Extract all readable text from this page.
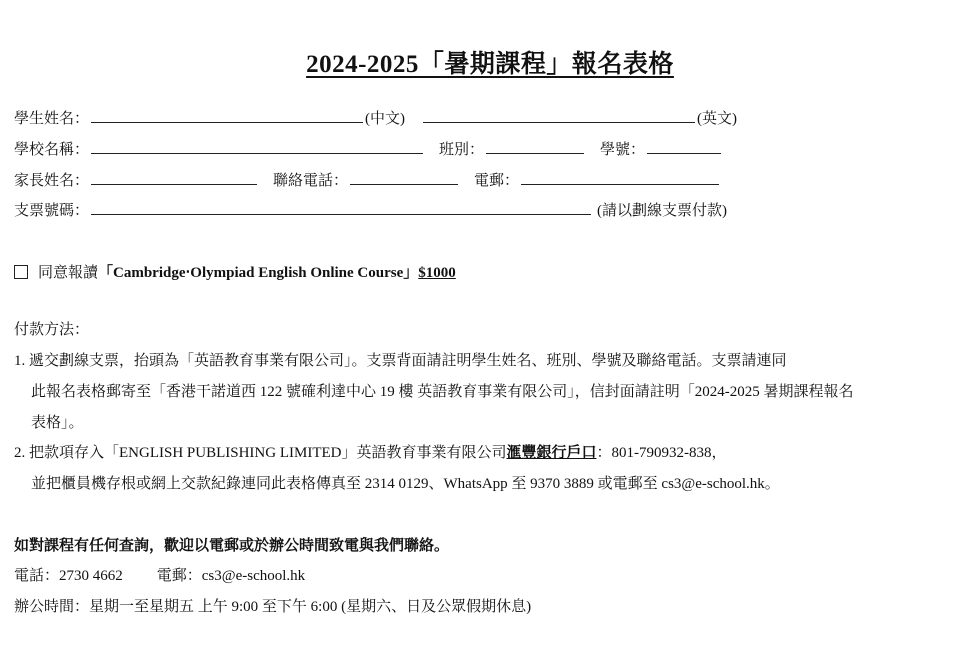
2024-2025「暑期課程」報名表格
學生姓名：	(中文)	(英文)
學校名稱：	班別：	學號：
家長姓名：	聯絡電話：	電郵：
支票號碼：	(請以劃線支票付款)
同意報讀「Cambridge‧Olympiad English Online Course」$1000
付款方法：
1. 遞交劃線支票，抬頭為「英語教育事業有限公司」。支票背面請註明學生姓名、班別、學號及聯絡電話。支票請連同
此報名表格郵寄至「香港干諾道西 122 號確利達中心 19 樓 英語教育事業有限公司」，信封面請註明「2024-2025 暑期課程報名
表格」。
2. 把款項存入「ENGLISH PUBLISHING LIMITED」英語教育事業有限公司滙豐銀行戶口：801-790932-838，
並把櫃員機存根或網上交款紀錄連同此表格傳真至 2314 0129、WhatsApp 至 9370 3889 或電郵至 cs3@e-school.hk。
如對課程有任何查詢，歡迎以電郵或於辦公時間致電與我們聯絡。
電話：2730 4662 電郵：cs3@e-school.hk
辦公時間：星期一至星期五 上午 9:00 至下午 6:00 (星期六、日及公眾假期休息)
